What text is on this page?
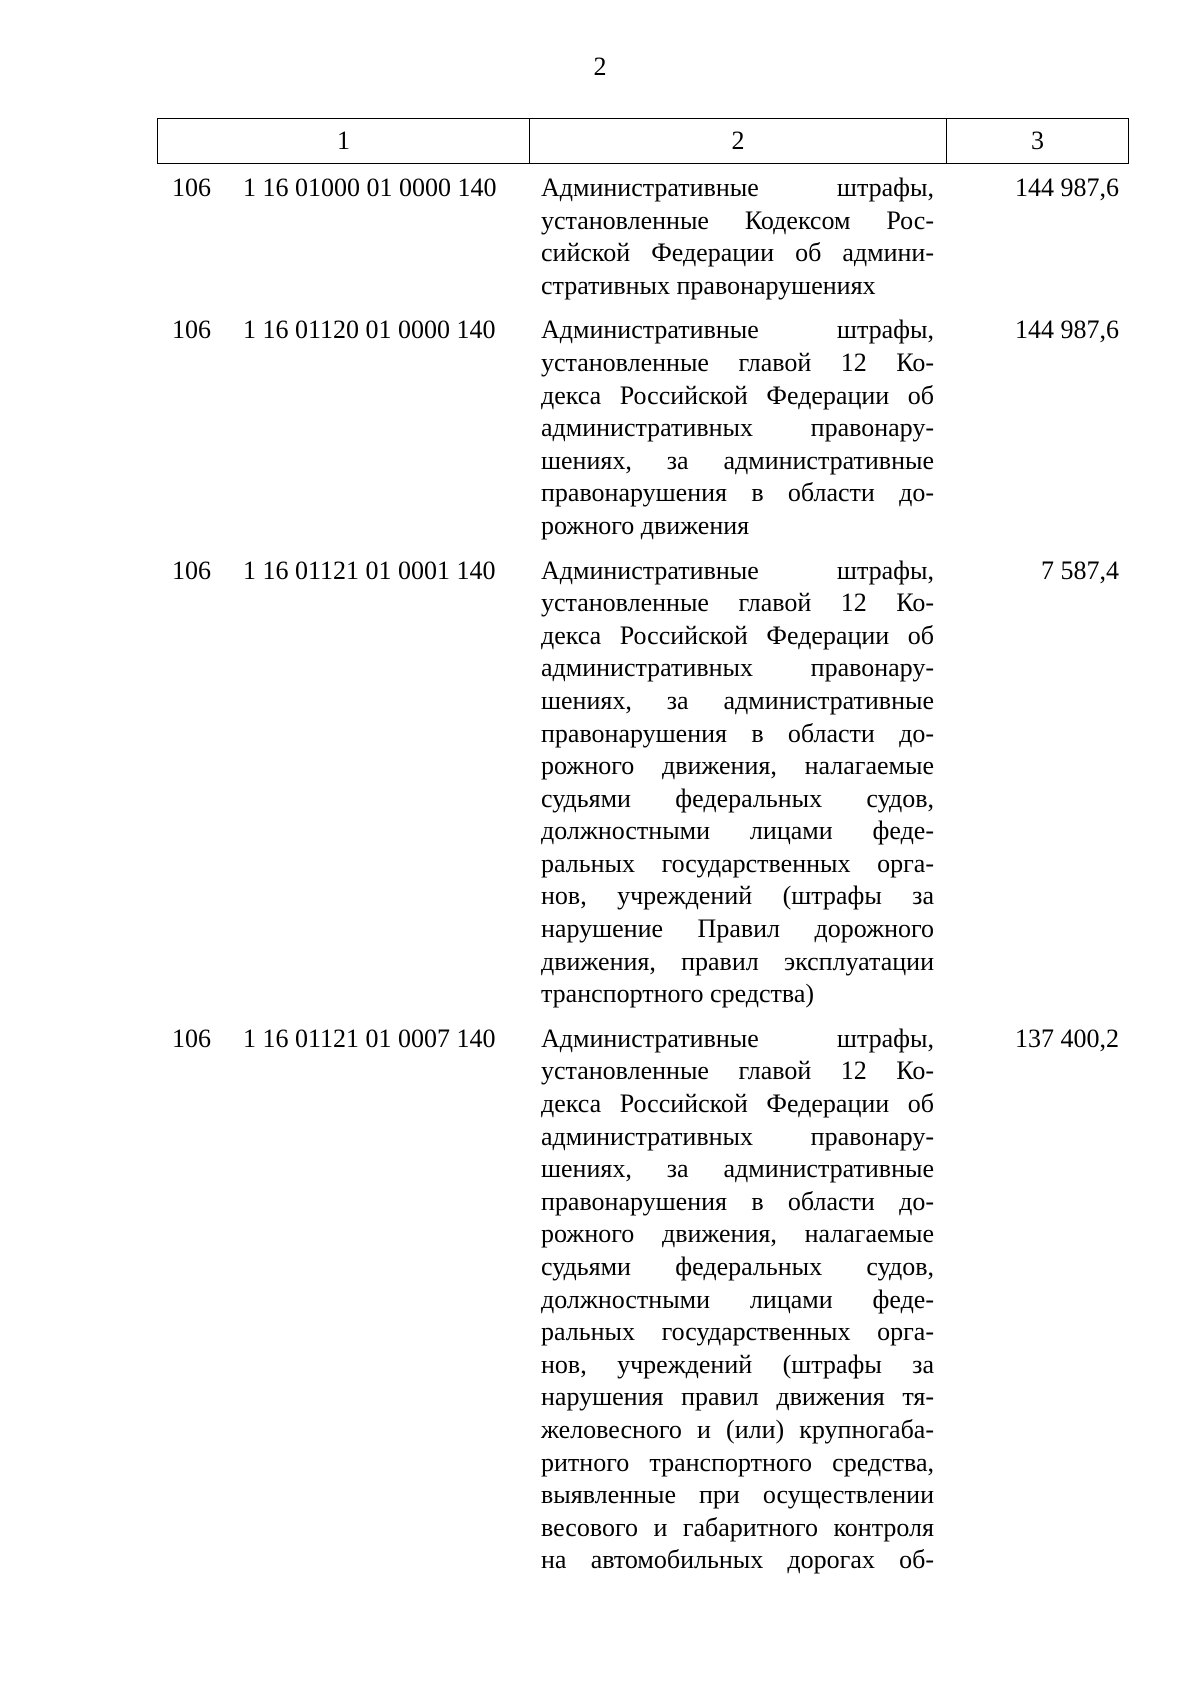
2
1	2	3
106 1 16 01000 01 0000 140 Административные штрафы,
установленные Кодексом Рос-
сийской Федерации об админи-
стративных правонарушениях
144 987,6
106 1 16 01120 01 0000 140 Административные штрафы,
установленные главой 12 Ко-
декса Российской Федерации об
административных правонару-
шениях, за административные
правонарушения в области до-
рожного движения
144 987,6
106 1 16 01121 01 0001 140 Административные штрафы,
установленные главой 12 Ко-
декса Российской Федерации об
административных правонару-
шениях, за административные
правонарушения в области до-
рожного движения, налагаемые
судьями федеральных судов,
должностными лицами феде-
ральных государственных орга-
нов, учреждений (штрафы за
нарушение Правил дорожного
движения, правил эксплуатации
транспортного средства)
7 587,4
106 1 16 01121 01 0007 140 Административные штрафы,
установленные главой 12 Ко-
декса Российской Федерации об
административных правонару-
шениях, за административные
правонарушения в области до-
рожного движения, налагаемые
судьями федеральных судов,
должностными лицами феде-
ральных государственных орга-
нов, учреждений (штрафы за
нарушения правил движения тя-
желовесного и (или) крупногаба-
ритного транспортного средства,
выявленные при осуществлении
весового и габаритного контроля
на автомобильных дорогах об-
137 400,2
